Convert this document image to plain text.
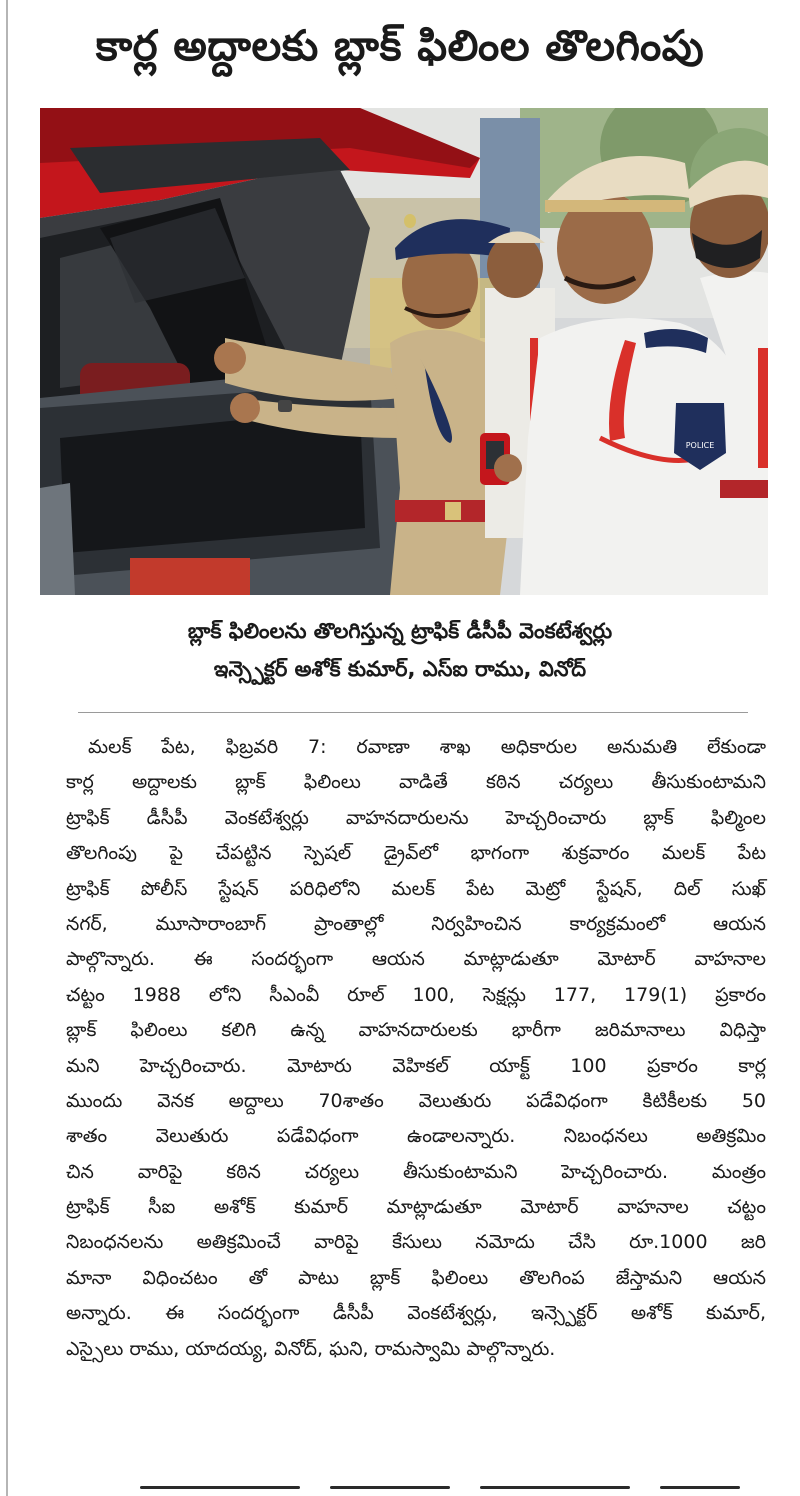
కార్ల అద్దాలకు బ్లాక్ ఫిలింల తొలగింపు
POLICE
బ్లాక్ ఫిలింలను తొలగిస్తున్న ట్రాఫిక్ డీసీపీ వెంకటేశ్వర్లు
ఇన్స్పెక్టర్ అశోక్ కుమార్, ఎస్ఐ రాము, వినోద్
మలక్ పేట, ఫిబ్రవరి 7: రవాణా శాఖ అధికారుల అనుమతి లేకుండా
కార్ల అద్దాలకు బ్లాక్ ఫిలింలు వాడితే కఠిన చర్యలు తీసుకుంటామని
ట్రాఫిక్ డీసీపీ వెంకటేశ్వర్లు వాహనదారులను హెచ్చరించారు బ్లాక్ ఫిల్మింల
తొలగింపు పై చేపట్టిన స్పెషల్ డ్రైవ్‌లో భాగంగా శుక్రవారం మలక్ పేట
ట్రాఫిక్ పోలీస్ స్టేషన్ పరిధిలోని మలక్ పేట మెట్రో స్టేషన్, దిల్ సుఖ్
నగర్, మూసారాంబాగ్ ప్రాంతాల్లో నిర్వహించిన కార్యక్రమంలో ఆయన
పాల్గొన్నారు. ఈ సందర్భంగా ఆయన మాట్లాడుతూ మోటార్ వాహనాల
చట్టం 1988 లోని సీఎంవీ రూల్ 100, సెక్షన్లు 177, 179(1) ప్రకారం
బ్లాక్ ఫిలింలు కలిగి ఉన్న వాహనదారులకు భారీగా జరిమానాలు విధిస్తా
మని హెచ్చరించారు. మోటారు వెహికల్ యాక్ట్ 100 ప్రకారం కార్ల
ముందు వెనక అద్దాలు 70శాతం వెలుతురు పడేవిధంగా కిటికీలకు 50
శాతం వెలుతురు పడేవిధంగా ఉండాలన్నారు. నిబంధనలు అతిక్రమిం
చిన వారిపై కఠిన చర్యలు తీసుకుంటామని హెచ్చరించారు. మంత్రం
ట్రాఫిక్ సీఐ అశోక్ కుమార్ మాట్లాడుతూ మోటార్ వాహనాల చట్టం
నిబంధనలను అతిక్రమించే వారిపై కేసులు నమోదు చేసి రూ.1000 జరి
మానా విధించటం తో పాటు బ్లాక్ ఫిలింలు తొలగింప జేస్తామని ఆయన
అన్నారు. ఈ సందర్భంగా డీసీపీ వెంకటేశ్వర్లు, ఇన్స్పెక్టర్ అశోక్ కుమార్,
ఎస్సైలు రాము, యాదయ్య, వినోద్, ఘని, రామస్వామి పాల్గొన్నారు.
